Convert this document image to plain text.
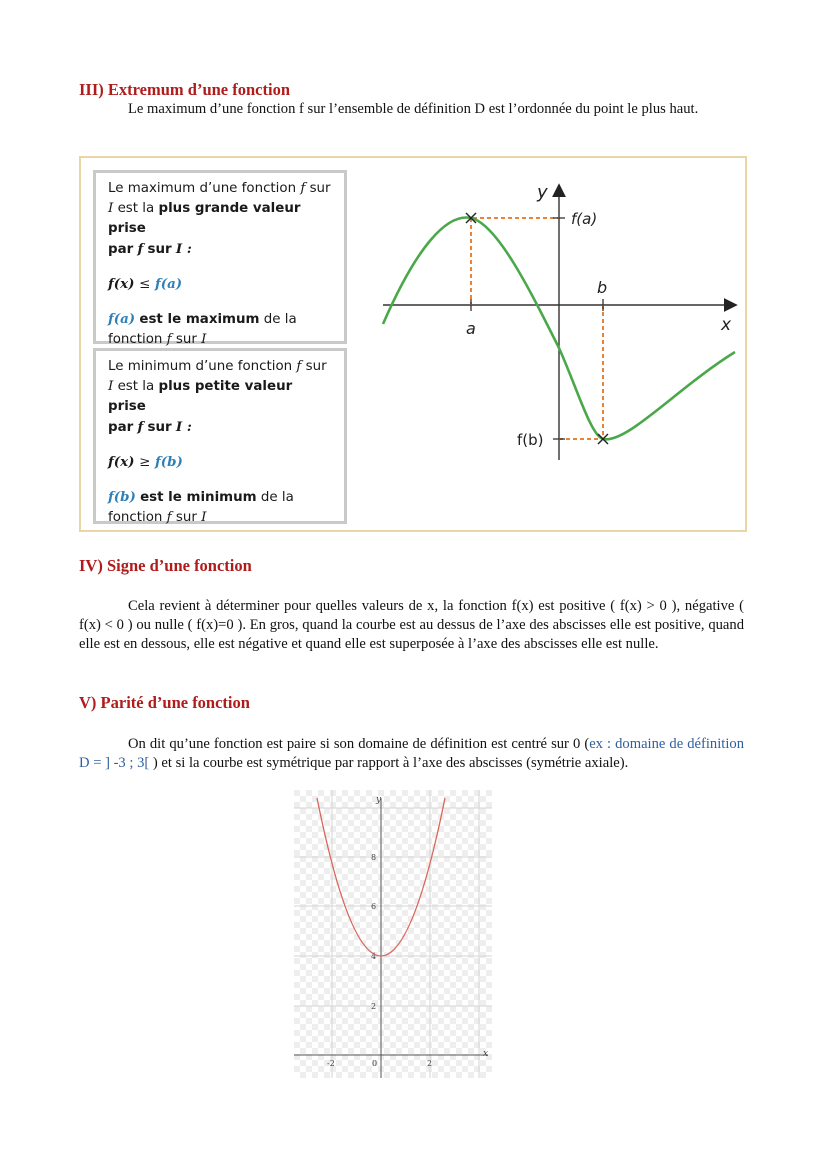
III) Extremum d’une fonction

Le maximum d’une fonction f sur l’ensemble de définition D est l’ordonnée du point le plus haut.

Le maximum d’une fonction f sur

I est la plus grande valeur prise

par f sur I :

f(x) ≤ f(a)

f(a) est le maximum de la

fonction f sur I

Le minimum d’une fonction f sur

I est la plus petite valeur prise

par f sur I :

f(x) ≥ f(b)

f(b) est le minimum de la

fonction f sur I

y
x
f(a)
f(b)
a
b
IV) Signe d’une fonction

Cela revient à déterminer pour quelles valeurs de x, la fonction f(x) est positive ( f(x) > 0 ), négative ( f(x) < 0 ) ou nulle ( f(x)=0 ). En gros, quand la courbe est au dessus de l’axe des abscisses elle est positive, quand elle est en dessous, elle est négative et quand elle est superposée à l’axe des abscisses elle est nulle.

V) Parité d’une fonction

On dit qu’une fonction est paire si son domaine de définition est centré sur 0 (ex : domaine de définition D = ] -3 ; 3[ ) et si la courbe est symétrique par rapport à l’axe des abscisses (symétrie axiale).

y
x
8
6
4
2
-2	0	2
